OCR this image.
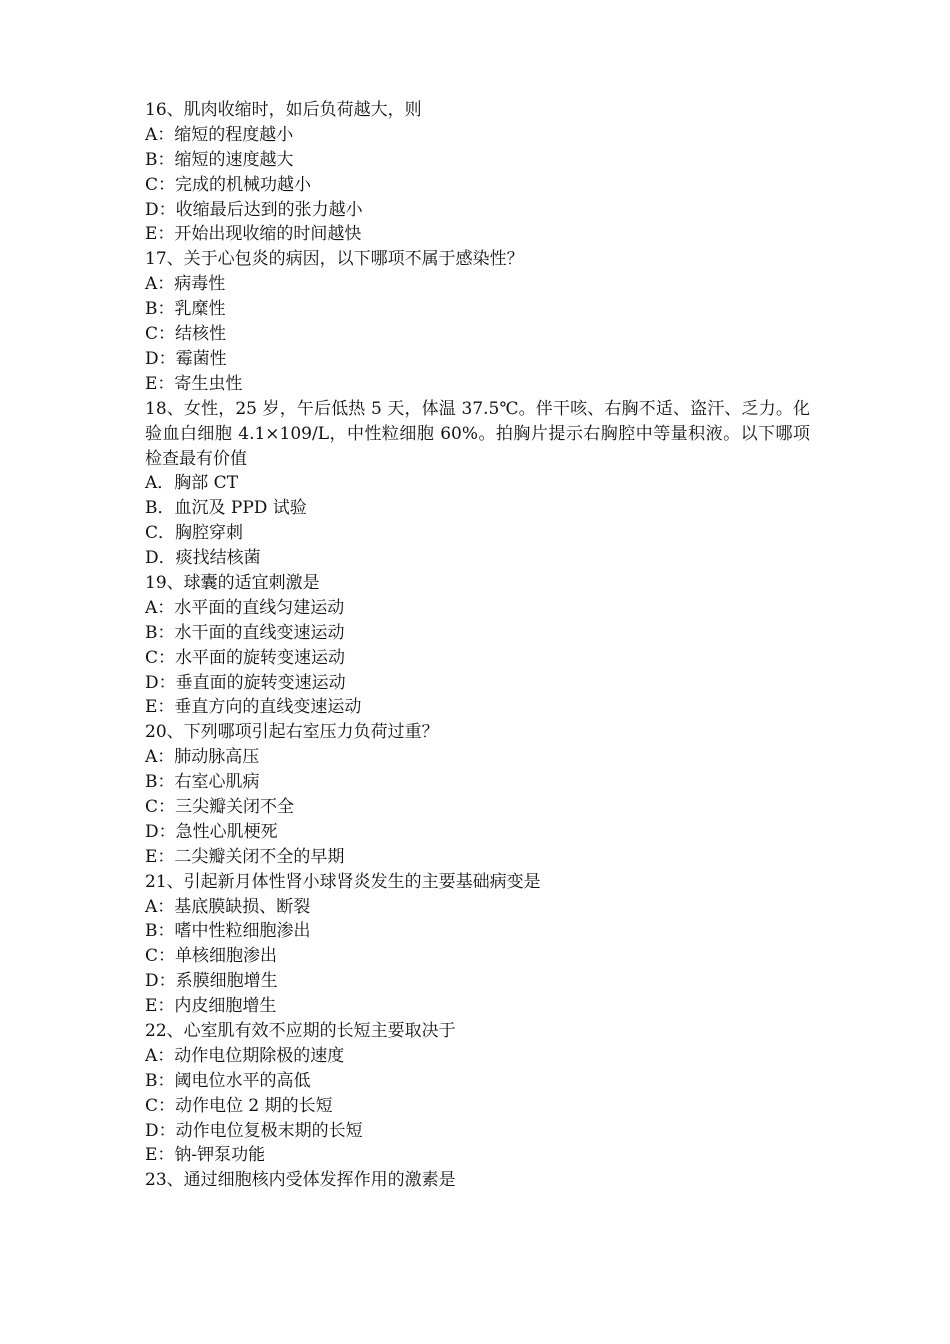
16、肌肉收缩时，如后负荷越大，则
A：缩短的程度越小
B：缩短的速度越大
C：完成的机械功越小
D：收缩最后达到的张力越小
E：开始出现收缩的时间越快
17、关于心包炎的病因，以下哪项不属于感染性？
A：病毒性
B：乳糜性
C：结核性
D：霉菌性
E：寄生虫性
18、女性，25 岁，午后低热 5 天，体温 37.5℃。伴干咳、右胸不适、盗汗、乏力。化验血白细胞 4.1×109/L，中性粒细胞 60%。拍胸片提示右胸腔中等量积液。以下哪项检查最有价值
A．胸部 CT
B．血沉及 PPD 试验
C．胸腔穿刺
D．痰找结核菌
19、球囊的适宜刺激是
A：水平面的直线匀建运动
B：水干面的直线变速运动
C：水平面的旋转变速运动
D：垂直面的旋转变速运动
E：垂直方向的直线变速运动
20、下列哪项引起右室压力负荷过重？
A：肺动脉高压
B：右室心肌病
C：三尖瓣关闭不全
D：急性心肌梗死
E：二尖瓣关闭不全的早期
21、引起新月体性肾小球肾炎发生的主要基础病变是
A：基底膜缺损、断裂
B：嗜中性粒细胞渗出
C：单核细胞渗出
D：系膜细胞增生
E：内皮细胞增生
22、心室肌有效不应期的长短主要取决于
A：动作电位期除极的速度
B：阈电位水平的高低
C：动作电位 2 期的长短
D：动作电位复极末期的长短
E：钠-钾泵功能
23、通过细胞核内受体发挥作用的激素是
